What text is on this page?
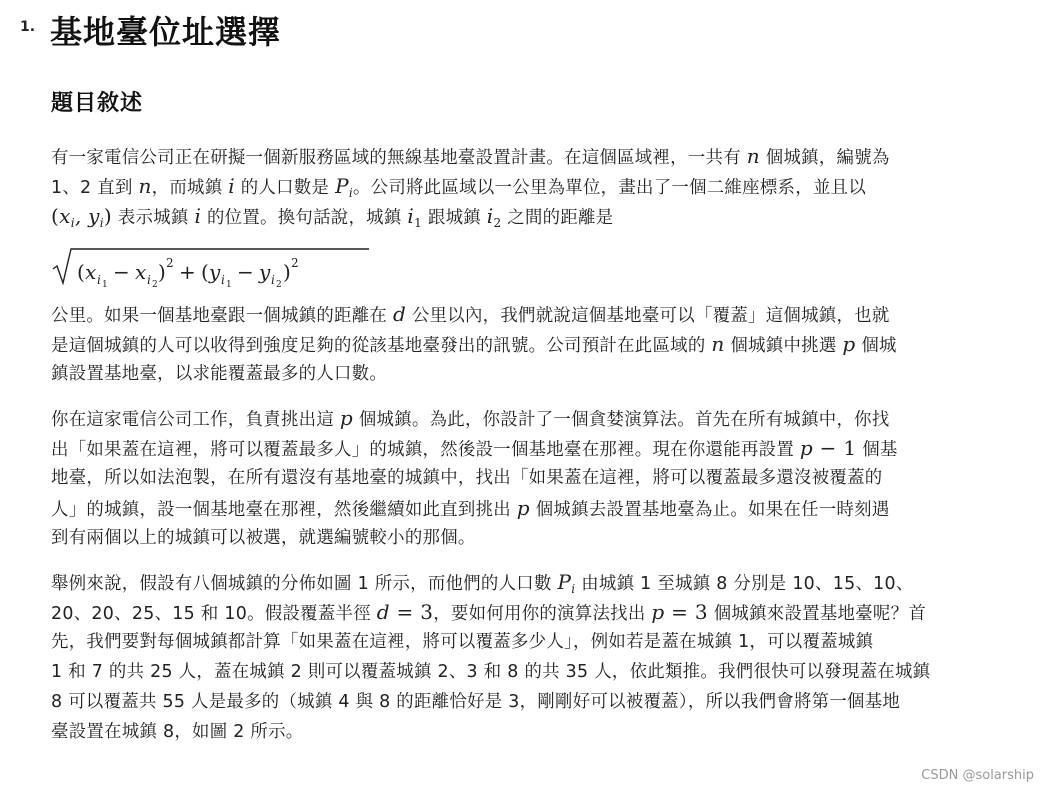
1. 基地臺位址選擇
題目敘述
有一家電信公司正在研擬一個新服務區域的無線基地臺設置計畫。在這個區域裡，一共有 n 個城鎮，編號為
1、2 直到 n，而城鎮 i 的人口數是 $P_i$。公司將此區域以一公里為單位，畫出了一個二維座標系，並且以
($x_i$, $y_i$) 表示城鎮 i 的位置。換句話說，城鎮 $i_1$ 跟城鎮 $i_2$ 之間的距離是
( x i 1
− x i 2
) 2 + ( y i 1
− y i 2
) 2
公里。如果一個基地臺跟一個城鎮的距離在 d 公里以內，我們就說這個基地臺可以「覆蓋」這個城鎮，也就
是這個城鎮的人可以收得到強度足夠的從該基地臺發出的訊號。公司預計在此區域的 n 個城鎮中挑選 p 個城
鎮設置基地臺，以求能覆蓋最多的人口數。
你在這家電信公司工作，負責挑出這 p 個城鎮。為此，你設計了一個貪婪演算法。首先在所有城鎮中，你找
出「如果蓋在這裡，將可以覆蓋最多人」的城鎮，然後設一個基地臺在那裡。現在你還能再設置 p − 1 個基
地臺，所以如法泡製，在所有還沒有基地臺的城鎮中，找出「如果蓋在這裡，將可以覆蓋最多還沒被覆蓋的
人」的城鎮，設一個基地臺在那裡，然後繼續如此直到挑出 p 個城鎮去設置基地臺為止。如果在任一時刻遇
到有兩個以上的城鎮可以被選，就選編號較小的那個。
舉例來說，假設有八個城鎮的分佈如圖 1 所示，而他們的人口數 $P_i$ 由城鎮 1 至城鎮 8 分別是 10、15、10、
20、20、25、15 和 10。假設覆蓋半徑 d = 3，要如何用你的演算法找出 p = 3 個城鎮來設置基地臺呢？首
先，我們要對每個城鎮都計算「如果蓋在這裡，將可以覆蓋多少人」，例如若是蓋在城鎮 1，可以覆蓋城鎮
1 和 7 的共 25 人，蓋在城鎮 2 則可以覆蓋城鎮 2、3 和 8 的共 35 人，依此類推。我們很快可以發現蓋在城鎮
8 可以覆蓋共 55 人是最多的（城鎮 4 與 8 的距離恰好是 3，剛剛好可以被覆蓋），所以我們會將第一個基地
臺設置在城鎮 8，如圖 2 所示。
CSDN @solarship
